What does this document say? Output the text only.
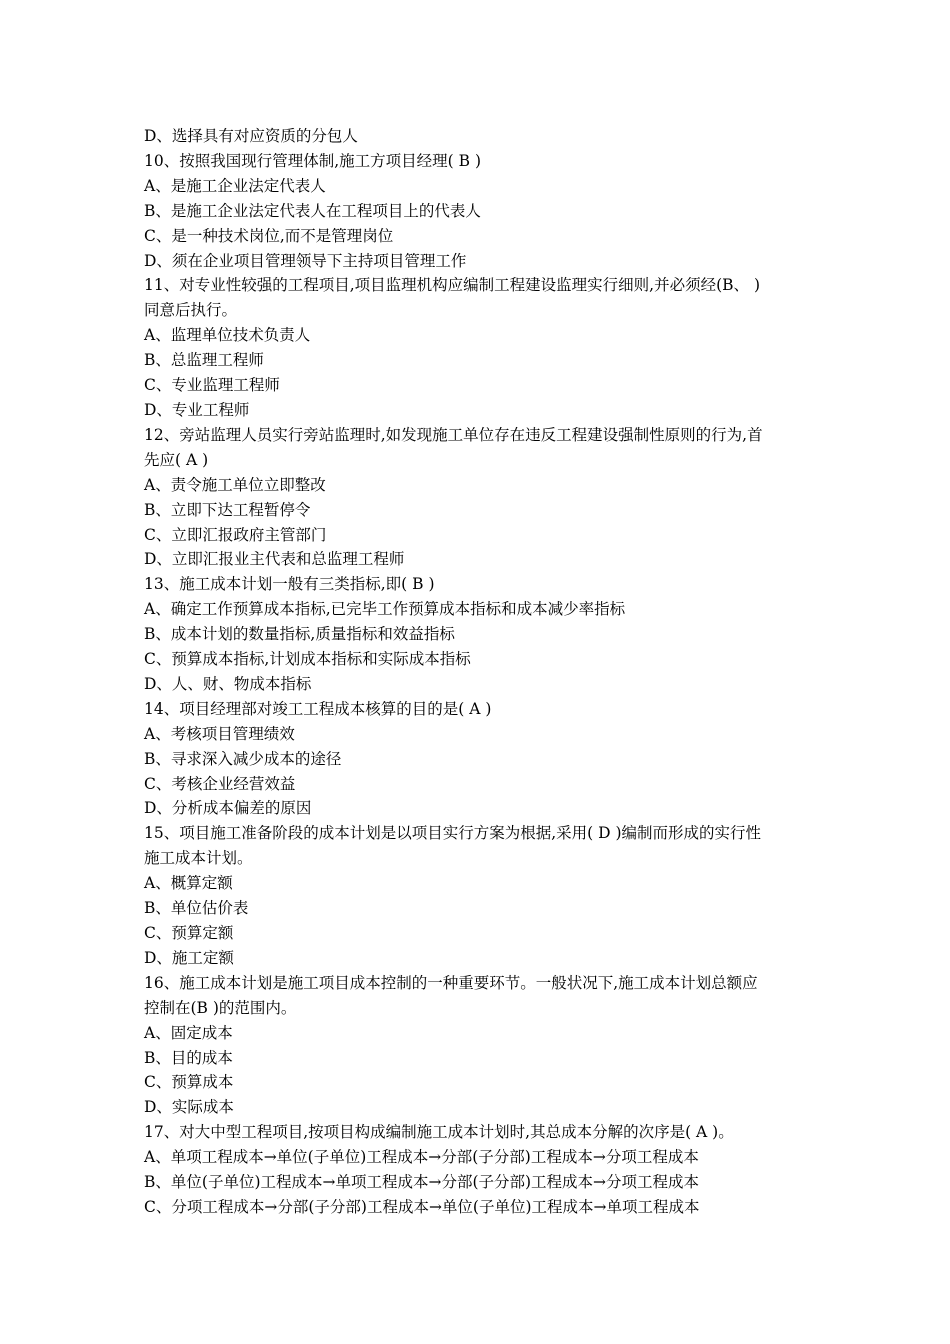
D、选择具有对应资质的分包人

10、按照我国现行管理体制,施工方项目经理( B )

A、是施工企业法定代表人

B、是施工企业法定代表人在工程项目上的代表人

C、是一种技术岗位,而不是管理岗位

D、须在企业项目管理领导下主持项目管理工作

11、对专业性较强的工程项目,项目监理机构应编制工程建设监理实行细则,并必须经(B、 )

同意后执行。

A、监理单位技术负责人

B、总监理工程师

C、专业监理工程师

D、专业工程师

12、旁站监理人员实行旁站监理时,如发现施工单位存在违反工程建设强制性原则的行为,首

先应( A )

A、责令施工单位立即整改

B、立即下达工程暂停令

C、立即汇报政府主管部门

D、立即汇报业主代表和总监理工程师

13、施工成本计划一般有三类指标,即( B )

A、确定工作预算成本指标,已完毕工作预算成本指标和成本减少率指标

B、成本计划的数量指标,质量指标和效益指标

C、预算成本指标,计划成本指标和实际成本指标

D、人、财、物成本指标

14、项目经理部对竣工工程成本核算的目的是( A )

A、考核项目管理绩效

B、寻求深入减少成本的途径

C、考核企业经营效益

D、分析成本偏差的原因

15、项目施工准备阶段的成本计划是以项目实行方案为根据,采用( D )编制而形成的实行性

施工成本计划。

A、概算定额

B、单位估价表

C、预算定额

D、施工定额

16、施工成本计划是施工项目成本控制的一种重要环节。一般状况下,施工成本计划总额应

控制在(B )的范围内。

A、固定成本

B、目的成本

C、预算成本

D、实际成本

17、对大中型工程项目,按项目构成编制施工成本计划时,其总成本分解的次序是( A )。

A、单项工程成本→单位(子单位)工程成本→分部(子分部)工程成本→分项工程成本

B、单位(子单位)工程成本→单项工程成本→分部(子分部)工程成本→分项工程成本

C、分项工程成本→分部(子分部)工程成本→单位(子单位)工程成本→单项工程成本
